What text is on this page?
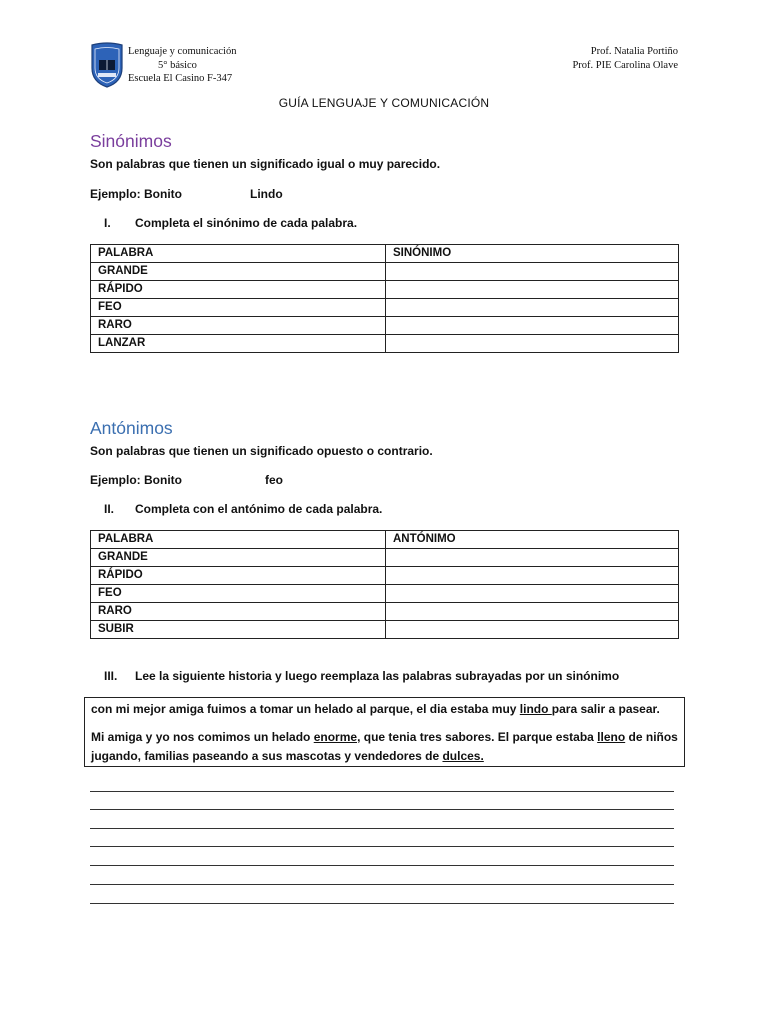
Lenguaje y comunicación
5° básico
Escuela El Casino F-347
Prof. Natalia Portiño
Prof. PIE Carolina Olave
GUÍA LENGUAJE Y COMUNICACIÓN
Sinónimos
Son palabras que tienen un significado igual o muy parecido.
Ejemplo: Bonito	Lindo
I. Completa el sinónimo de cada palabra.
PALABRA	SINÓNIMO
GRANDE	
RÁPIDO	
FEO	
RARO	
LANZAR	
Antónimos
Son palabras que tienen un significado opuesto o contrario.
Ejemplo: Bonito	feo
II. Completa con el antónimo de cada palabra.
PALABRA	ANTÓNIMO
GRANDE	
RÁPIDO	
FEO	
RARO	
SUBIR	
III. Lee la siguiente historia y luego reemplaza las palabras subrayadas por un sinónimo

con mi mejor amiga fuimos a tomar un helado al parque, el dia estaba muy lindo para salir a pasear.

Mi amiga y yo nos comimos un helado enorme, que tenia tres sabores. El parque estaba lleno de niños
jugando, familias paseando a sus mascotas y vendedores de dulces.
